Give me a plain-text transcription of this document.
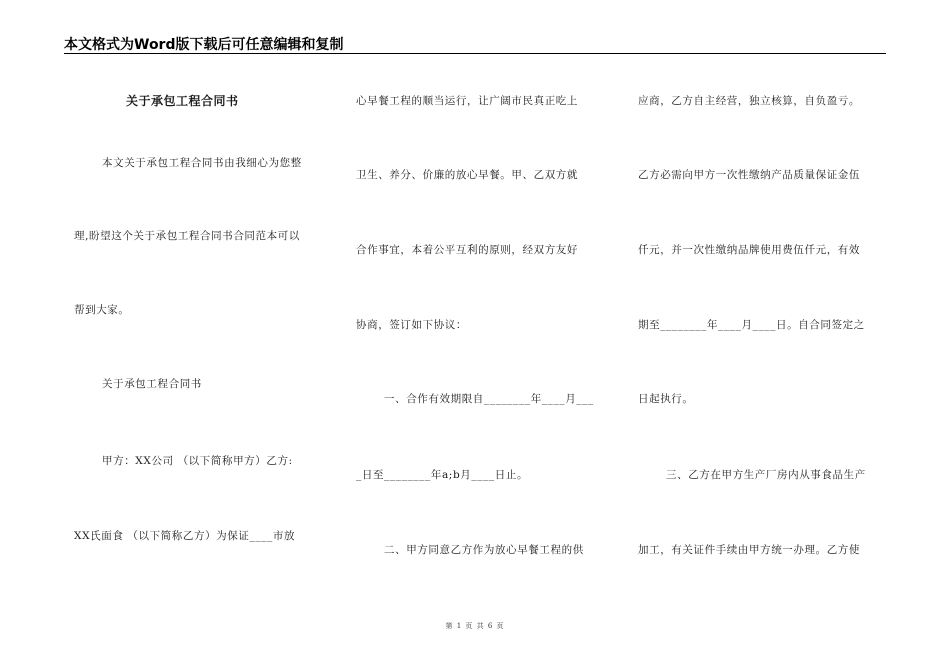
本文格式为Word版下载后可任意编辑和复制
关于承包工程合同书
本文关于承包工程合同书由我细心为您整
理,盼望这个关于承包工程合同书合同范本可以
帮到大家。
关于承包工程合同书
甲方：XX公司 （以下简称甲方）乙方:
XX氏面食 （以下简称乙方）为保证____市放
心早餐工程的顺当运行，让广阔市民真正吃上
卫生、养分、价廉的放心早餐。甲、乙双方就
合作事宜，本着公平互利的原则，经双方友好
协商，签订如下协议：
一、合作有效期限自________年____月___
_日至________年a;b月____日止。
二、甲方同意乙方作为放心早餐工程的供
应商，乙方自主经营，独立核算，自负盈亏。
乙方必需向甲方一次性缴纳产品质量保证金伍
仟元，并一次性缴纳品牌使用费伍仟元，有效
期至________年____月____日。自合同签定之
日起执行。
三、乙方在甲方生产厂房内从事食品生产
加工，有关证件手续由甲方统一办理。乙方使
第 1 页 共 6 页
